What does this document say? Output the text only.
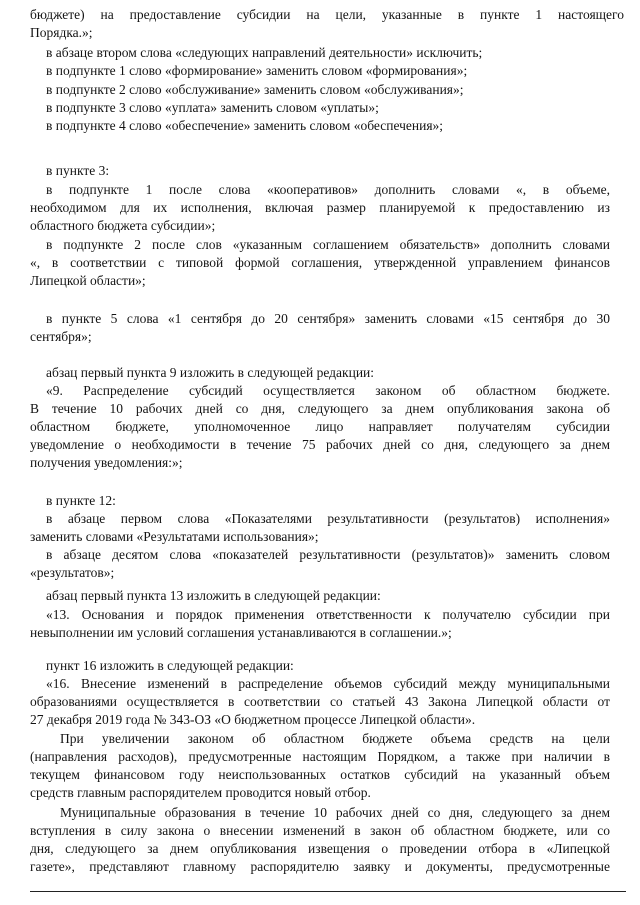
бюджете) на предоставление субсидии на цели, указанные в пункте 1 настоящего
Порядка.»;
в абзаце втором слова «следующих направлений деятельности» исключить;
в подпункте 1 слово «формирование» заменить словом «формирования»;
в подпункте 2 слово «обслуживание» заменить словом «обслуживания»;
в подпункте 3 слово «уплата» заменить словом «уплаты»;
в подпункте 4 слово «обеспечение» заменить словом «обеспечения»;
в пункте 3:
в подпункте 1 после слова «кооперативов» дополнить словами «, в объеме,
необходимом для их исполнения, включая размер планируемой к предоставлению из
областного бюджета субсидии»;
в подпункте 2 после слов «указанным соглашением обязательств» дополнить словами
«, в соответствии с типовой формой соглашения, утвержденной управлением финансов
Липецкой области»;
в пункте 5 слова «1 сентября до 20 сентября» заменить словами «15 сентября до 30
сентября»;
абзац первый пункта 9 изложить в следующей редакции:
«9. Распределение субсидий осуществляется законом об областном бюджете.
В течение 10 рабочих дней со дня, следующего за днем опубликования закона об
областном бюджете, уполномоченное лицо направляет получателям субсидии
уведомление о необходимости в течение 75 рабочих дней со дня, следующего за днем
получения уведомления:»;
в пункте 12:
в абзаце первом слова «Показателями результативности (результатов) исполнения»
заменить словами «Результатами использования»;
в абзаце десятом слова «показателей результативности (результатов)» заменить словом
«результатов»;
абзац первый пункта 13 изложить в следующей редакции:
«13. Основания и порядок применения ответственности к получателю субсидии при
невыполнении им условий соглашения устанавливаются в соглашении.»;
пункт 16 изложить в следующей редакции:
«16. Внесение изменений в распределение объемов субсидий между муниципальными
образованиями осуществляется в соответствии со статьей 43 Закона Липецкой области от
27 декабря 2019 года № 343-ОЗ «О бюджетном процессе Липецкой области».
При увеличении законом об областном бюджете объема средств на цели
(направления расходов), предусмотренные настоящим Порядком, а также при наличии в
текущем финансовом году неиспользованных остатков субсидий на указанный объем
средств главным распорядителем проводится новый отбор.
Муниципальные образования в течение 10 рабочих дней со дня, следующего за днем
вступления в силу закона о внесении изменений в закон об областном бюджете, или со
дня, следующего за днем опубликования извещения о проведении отбора в «Липецкой
газете», представляют главному распорядителю заявку и документы, предусмотренные
